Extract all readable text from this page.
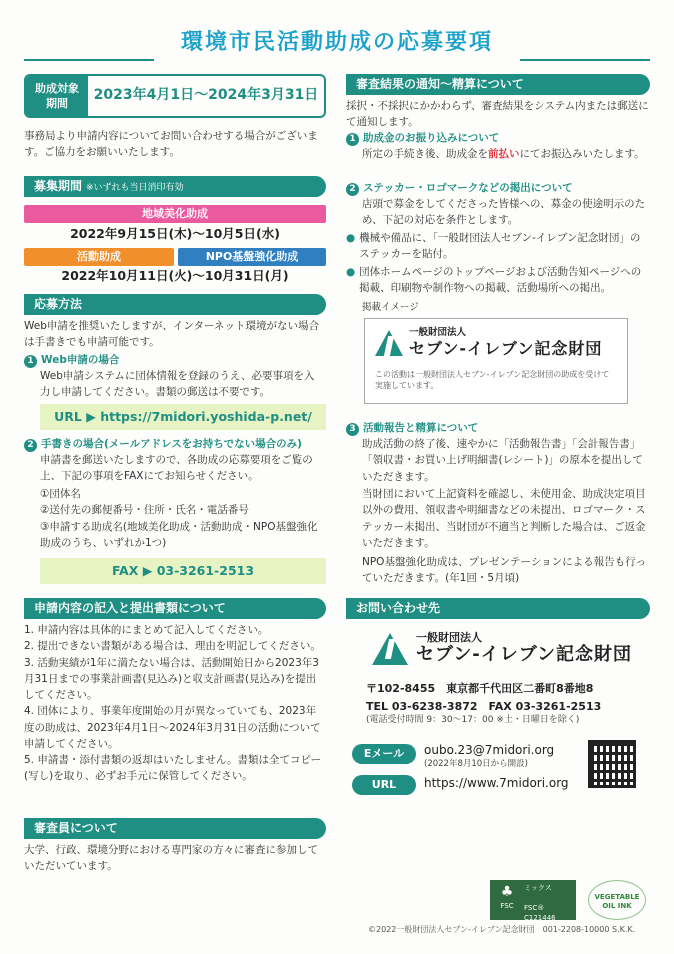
環境市民活動助成の応募要項
助成対象
期間
2023年4月1日～2024年3月31日
事務局より申請内容についてお問い合わせする場合がございます。ご協力をお願いいたします。
募集期間 ※いずれも当日消印有効
地域美化助成
2022年9月15日(木)～10月5日(水)
活動助成	NPO基盤強化助成
2022年10月11日(火)～10月31日(月)
応募方法
Web申請を推奨いたしますが、インターネット環境がない場合は手書きでも申請可能です。
1 Web申請の場合
Web申請システムに団体情報を登録のうえ、必要事項を入力し申請してください。書類の郵送は不要です。
URL ▶ https://7midori.yoshida-p.net/
2 手書きの場合(メールアドレスをお持ちでない場合のみ)
申請書を郵送いたしますので、各助成の応募要項をご覧の上、下記の事項をFAXにてお知らせください。
①団体名
②送付先の郵便番号・住所・氏名・電話番号
③申請する助成名(地域美化助成・活動助成・NPO基盤強化助成のうち、いずれか1つ)
FAX ▶ 03-3261-2513
申請内容の記入と提出書類について
1. 申請内容は具体的にまとめて記入してください。
2. 提出できない書類がある場合は、理由を明記してください。
3. 活動実績が1年に満たない場合は、活動開始日から2023年3月31日までの事業計画書(見込み)と収支計画書(見込み)を提出してください。
4. 団体により、事業年度開始の月が異なっていても、2023年度の助成は、2023年4月1日～2024年3月31日の活動について申請してください。
5. 申請書・添付書類の返却はいたしません。書類は全てコピー(写し)を取り、必ずお手元に保管してください。
審査員について
大学、行政、環境分野における専門家の方々に審査に参加していただいています。
審査結果の通知～精算について
採択・不採択にかかわらず、審査結果をシステム内または郵送にて通知します。
1 助成金のお振り込みについて
所定の手続き後、助成金を前払いにてお振込みいたします。
2 ステッカー・ロゴマークなどの掲出について
店頭で募金をしてくださった皆様への、募金の使途明示のため、下記の対応を条件とします。
● 機械や備品に、「一般財団法人セブン-イレブン記念財団」のステッカーを貼付。
● 団体ホームページのトップページおよび活動告知ページへの掲載、印刷物や制作物への掲載、活動場所への掲出。
掲載イメージ
一般財団法人
セブン-イレブン記念財団
この活動は一般財団法人セブン-イレブン記念財団の助成を受けて実施しています。
3 活動報告と精算について
助成活動の終了後、速やかに「活動報告書」「会計報告書」「領収書・お買い上げ明細書(レシート)」の原本を提出していただきます。
当財団において上記資料を確認し、未使用金、助成決定項目以外の費用、領収書や明細書などの未提出、ロゴマーク・ステッカー未掲出、当財団が不適当と判断した場合は、ご返金いただきます。
NPO基盤強化助成は、プレゼンテーションによる報告も行っていただきます。(年1回・5月頃)
お問い合わせ先
一般財団法人
セブン-イレブン記念財団
〒102-8455　東京都千代田区二番町8番地8
TEL 03-6238-3872　FAX 03-3261-2513
(電話受付時間 9：30～17：00 ※土・日曜日を除く)
Eメール	oubo.23@7midori.org
(2022年8月10日から開設)
URL	https://www.7midori.org
♣
FSC
ミックス
FSC® C121446
VEGETABLE OIL INK
©2022一般財団法人セブン-イレブン記念財団　001-2208-10000 S.K.K.
